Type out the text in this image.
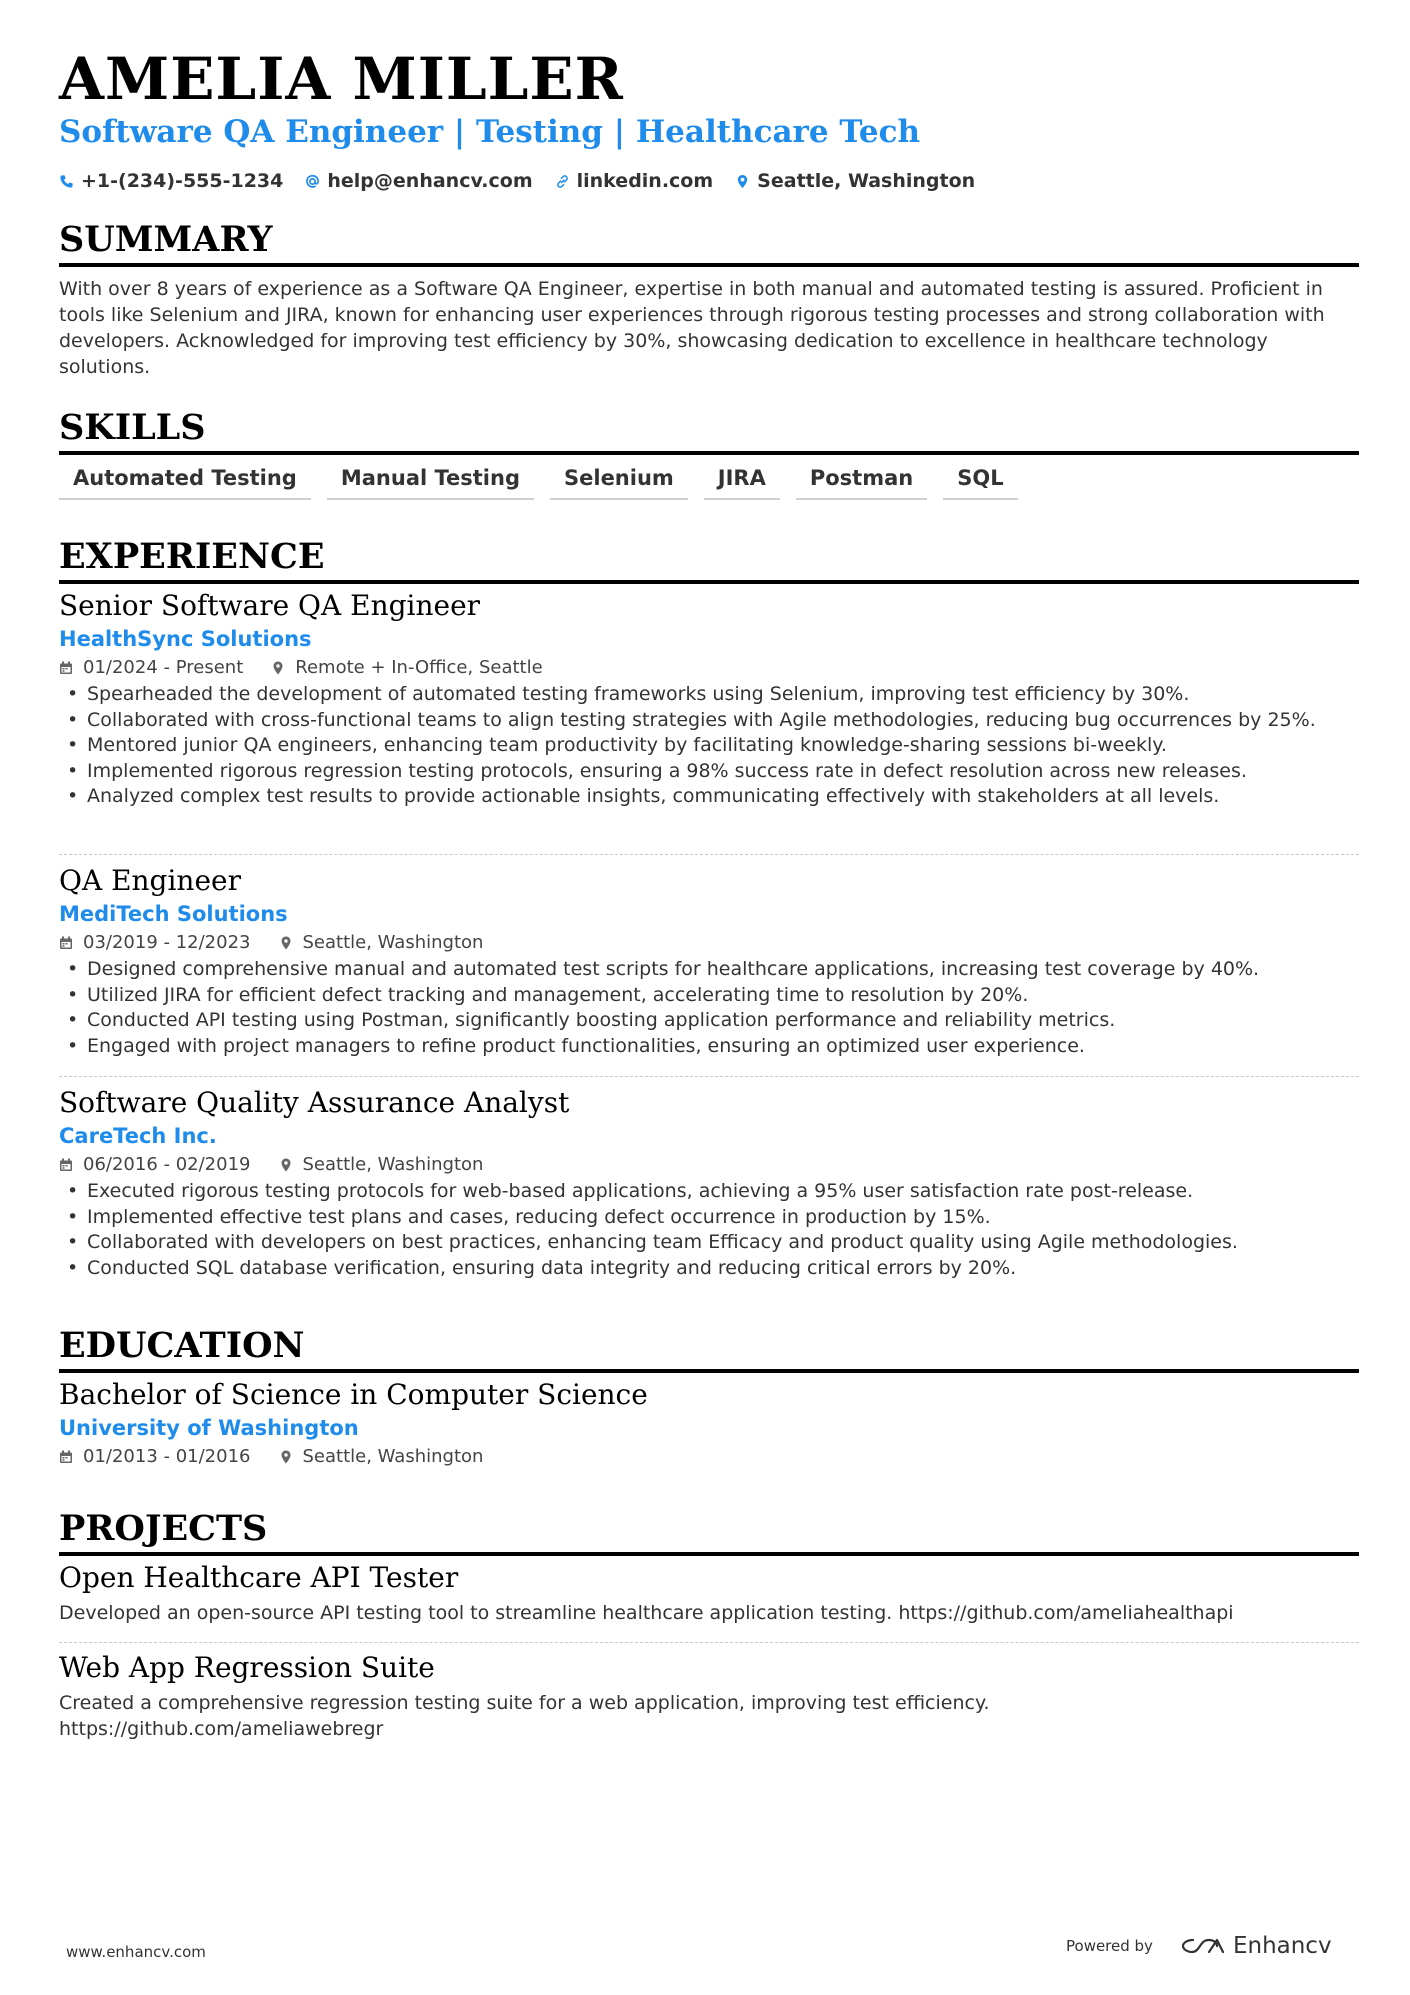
AMELIA MILLER
Software QA Engineer | Testing | Healthcare Tech
+1-(234)-555-1234 help@enhancv.com linkedin.com Seattle, Washington
SUMMARY
With over 8 years of experience as a Software QA Engineer, expertise in both manual and automated testing is assured. Proficient in tools like Selenium and JIRA, known for enhancing user experiences through rigorous testing processes and strong collaboration with developers. Acknowledged for improving test efficiency by 30%, showcasing dedication to excellence in healthcare technology solutions.
SKILLS
Automated Testing	Manual Testing	Selenium	JIRA	Postman	SQL
EXPERIENCE
Senior Software QA Engineer
HealthSync Solutions
01/2024 - Present	Remote + In-Office, Seattle
• Spearheaded the development of automated testing frameworks using Selenium, improving test efficiency by 30%.
• Collaborated with cross-functional teams to align testing strategies with Agile methodologies, reducing bug occurrences by 25%.
• Mentored junior QA engineers, enhancing team productivity by facilitating knowledge-sharing sessions bi-weekly.
• Implemented rigorous regression testing protocols, ensuring a 98% success rate in defect resolution across new releases.
• Analyzed complex test results to provide actionable insights, communicating effectively with stakeholders at all levels.
QA Engineer
MediTech Solutions
03/2019 - 12/2023	Seattle, Washington
• Designed comprehensive manual and automated test scripts for healthcare applications, increasing test coverage by 40%.
• Utilized JIRA for efficient defect tracking and management, accelerating time to resolution by 20%.
• Conducted API testing using Postman, significantly boosting application performance and reliability metrics.
• Engaged with project managers to refine product functionalities, ensuring an optimized user experience.
Software Quality Assurance Analyst
CareTech Inc.
06/2016 - 02/2019	Seattle, Washington
• Executed rigorous testing protocols for web-based applications, achieving a 95% user satisfaction rate post-release.
• Implemented effective test plans and cases, reducing defect occurrence in production by 15%.
• Collaborated with developers on best practices, enhancing team Efficacy and product quality using Agile methodologies.
• Conducted SQL database verification, ensuring data integrity and reducing critical errors by 20%.
EDUCATION
Bachelor of Science in Computer Science
University of Washington
01/2013 - 01/2016	Seattle, Washington
PROJECTS
Open Healthcare API Tester
Developed an open-source API testing tool to streamline healthcare application testing. https://github.com/ameliahealthapi
Web App Regression Suite
Created a comprehensive regression testing suite for a web application, improving test efficiency. https://github.com/ameliawebregr
www.enhancv.com	Powered by	Enhancv
